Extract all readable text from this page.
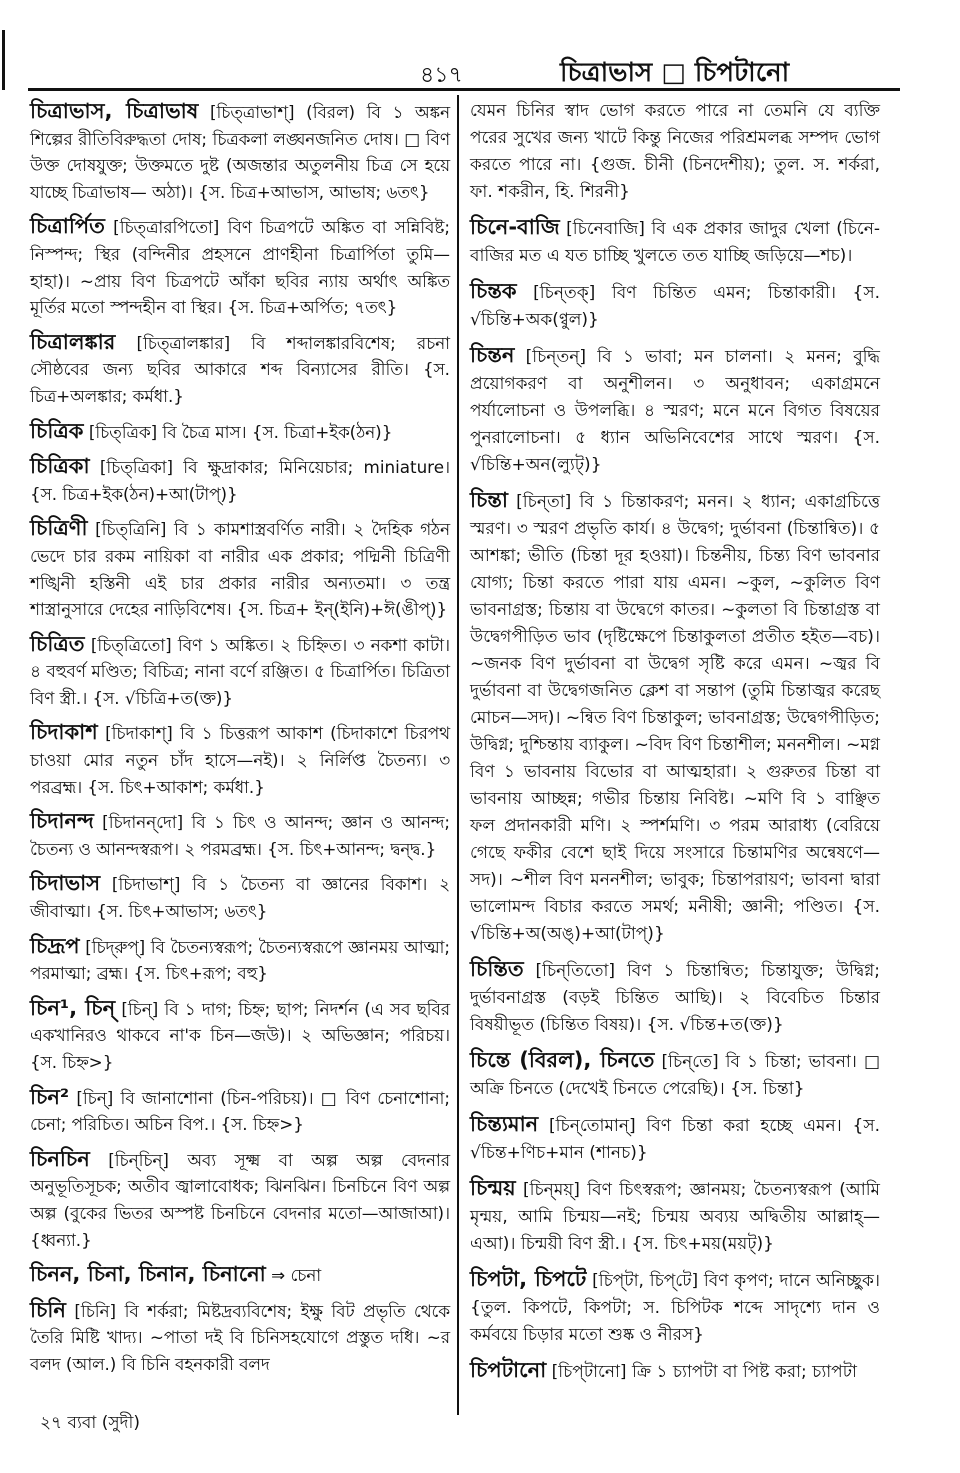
৪১৭	চিত্রাভাস □ চিপটানো

চিত্রাভাস, চিত্রাভাষ [চিত্‌ত্রাভাশ্] (বিরল) বি ১ অঙ্কন শিল্পের রীতিবিরুদ্ধতা দোষ; চিত্রকলা লঙ্ঘনজনিত দোষ। □ বিণ উক্ত দোষযুক্ত; উক্তমতে দুষ্ট (অজন্তার অতুলনীয় চিত্র সে হয়ে যাচ্ছে চিত্রাভাষ— অঠা)। {স. চিত্র+আভাস, আভাষ; ৬তৎ}

চিত্রার্পিত [চিত্‌ত্রারপিতো] বিণ চিত্রপটে অঙ্কিত বা সন্নিবিষ্ট; নিস্পন্দ; স্থির (বন্দিনীর প্রহসনে প্রাণহীনা চিত্রার্পিতা তুমি—হাহা)। ~প্রায় বিণ চিত্রপটে আঁকা ছবির ন্যায় অর্থাৎ অঙ্কিত মূর্তির মতো স্পন্দহীন বা স্থির। {স. চিত্র+অর্পিত; ৭তৎ}

চিত্রালঙ্কার [চিত্‌ত্রালঙ্কার] বি শব্দালঙ্কারবিশেষ; রচনা সৌষ্ঠবের জন্য ছবির আকারে শব্দ বিন্যাসের রীতি। {স. চিত্র+অলঙ্কার; কর্মধা.}

চিত্রিক [চিত্‌ত্রিক] বি চৈত্র মাস। {স. চিত্রা+ইক(ঠন)}

চিত্রিকা [চিত্‌ত্রিকা] বি ক্ষুদ্রাকার; মিনিয়েচার; miniature। {স. চিত্র+ইক(ঠন)+আ(টাপ্)}

চিত্রিণী [চিত্‌ত্রিনি] বি ১ কামশাস্ত্রবর্ণিত নারী। ২ দৈহিক গঠন ভেদে চার রকম নায়িকা বা নারীর এক প্রকার; পদ্মিনী চিত্রিণী শঙ্খিনী হস্তিনী এই চার প্রকার নারীর অন্যতমা। ৩ তন্ত্র শাস্ত্রানুসারে দেহের নাড়িবিশেষ। {স. চিত্র+ ইন্(ইনি)+ঈ(ঙীপ্)}

চিত্রিত [চিত্‌ত্রিতো] বিণ ১ অঙ্কিত। ২ চিহ্নিত। ৩ নকশা কাটা। ৪ বহুবর্ণ মণ্ডিত; বিচিত্র; নানা বর্ণে রঞ্জিত। ৫ চিত্রার্পিত। চিত্রিতা বিণ স্ত্রী.। {স. √চিত্রি+ত(ক্ত)}

চিদাকাশ [চিদাকাশ্] বি ১ চিত্তরূপ আকাশ (চিদাকাশে চিরপথ চাওয়া মোর নতুন চাঁদ হাসে—নই)। ২ নির্লিপ্ত চৈতন্য। ৩ পরব্রহ্ম। {স. চিৎ+আকাশ; কর্মধা.}

চিদানন্দ [চিদানন্‌দো] বি ১ চিৎ ও আনন্দ; জ্ঞান ও আনন্দ; চৈতন্য ও আনন্দস্বরূপ। ২ পরমব্রহ্ম। {স. চিৎ+আনন্দ; দ্বন্দ্ব.}

চিদাভাস [চিদাভাশ্] বি ১ চৈতন্য বা জ্ঞানের বিকাশ। ২ জীবাত্মা। {স. চিৎ+আভাস; ৬তৎ}

চিদ্রূপ [চিদ্‌রুপ্] বি চৈতন্যস্বরূপ; চৈতন্যস্বরূপে জ্ঞানময় আত্মা; পরমাত্মা; ব্রহ্ম। {স. চিৎ+রূপ; বহু}

চিন¹, চিন্ [চিন্] বি ১ দাগ; চিহ্ন; ছাপ; নিদর্শন (এ সব ছবির একখানিরও থাকবে না'ক চিন—জউ)। ২ অভিজ্ঞান; পরিচয়। {স. চিহ্ন>}

চিন² [চিন্] বি জানাশোনা (চিন-পরিচয়)। □ বিণ চেনাশোনা; চেনা; পরিচিত। অচিন বিপ.। {স. চিহ্ন>}

চিনচিন [চিন্‌চিন্] অব্য সূক্ষ্ম বা অল্প অল্প বেদনার অনুভূতিসূচক; অতীব জ্বালাবোধক; ঝিনঝিন। চিনচিনে বিণ অল্প অল্প (বুকের ভিতর অস্পষ্ট চিনচিনে বেদনার মতো—আজাআ)। {ধ্বন্যা.}

চিনন, চিনা, চিনান, চিনানো ⇒ চেনা

চিনি [চিনি] বি শর্করা; মিষ্টদ্রব্যবিশেষ; ইক্ষু বিট প্রভৃতি থেকে তৈরি মিষ্টি খাদ্য। ~পাতা দই বি চিনিসহযোগে প্রস্তুত দধি। ~র বলদ (আল.) বি চিনি বহনকারী বলদ

যেমন চিনির স্বাদ ভোগ করতে পারে না তেমনি যে ব্যক্তি পরের সুখের জন্য খাটে কিন্তু নিজের পরিশ্রমলব্ধ সম্পদ ভোগ করতে পারে না। {গুজ. চীনী (চিনদেশীয়); তুল. স. শর্করা, ফা. শকরীন, হি. শিরনী}

চিনে-বাজি [চিনেবাজি] বি এক প্রকার জাদুর খেলা (চিনে-বাজির মত এ যত চাচ্ছি খুলতে তত যাচ্ছি জড়িয়ে—শচ)।

চিন্তক [চিন্‌তক্] বিণ চিন্তিত এমন; চিন্তাকারী। {স. √চিন্তি+অক(ণ্বুল)}

চিন্তন [চিন্‌তন্] বি ১ ভাবা; মন চালনা। ২ মনন; বুদ্ধি প্রয়োগকরণ বা অনুশীলন। ৩ অনুধাবন; একাগ্রমনে পর্যালোচনা ও উপলব্ধি। ৪ স্মরণ; মনে মনে বিগত বিষয়ের পুনরালোচনা। ৫ ধ্যান অভিনিবেশের সাথে স্মরণ। {স. √চিন্তি+অন(ল্যুট্)}

চিন্তা [চিন্‌তা] বি ১ চিন্তাকরণ; মনন। ২ ধ্যান; একাগ্রচিত্তে স্মরণ। ৩ স্মরণ প্রভৃতি কার্য। ৪ উদ্বেগ; দুর্ভাবনা (চিন্তান্বিত)। ৫ আশঙ্কা; ভীতি (চিন্তা দূর হওয়া)। চিন্তনীয়, চিন্ত্য বিণ ভাবনার যোগ্য; চিন্তা করতে পারা যায় এমন। ~কুল, ~কুলিত বিণ ভাবনাগ্রস্ত; চিন্তায় বা উদ্বেগে কাতর। ~কুলতা বি চিন্তাগ্রস্ত বা উদ্বেগপীড়িত ভাব (দৃষ্টিক্ষেপে চিন্তাকুলতা প্রতীত হইত—বচ)। ~জনক বিণ দুর্ভাবনা বা উদ্বেগ সৃষ্টি করে এমন। ~জ্বর বি দুর্ভাবনা বা উদ্বেগজনিত ক্লেশ বা সন্তাপ (তুমি চিন্তাজ্বর করেছ মোচন—সদ)। ~ন্বিত বিণ চিন্তাকুল; ভাবনাগ্রস্ত; উদ্বেগপীড়িত; উদ্বিগ্ন; দুশ্চিন্তায় ব্যাকুল। ~বিদ বিণ চিন্তাশীল; মননশীল। ~মগ্ন বিণ ১ ভাবনায় বিভোর বা আত্মহারা। ২ গুরুতর চিন্তা বা ভাবনায় আচ্ছন্ন; গভীর চিন্তায় নিবিষ্ট। ~মণি বি ১ বাঞ্ছিত ফল প্রদানকারী মণি। ২ স্পর্শমণি। ৩ পরম আরাধ্য (বেরিয়ে গেছে ফকীর বেশে ছাই দিয়ে সংসারে চিন্তামণির অন্বেষণে—সদ)। ~শীল বিণ মননশীল; ভাবুক; চিন্তাপরায়ণ; ভাবনা দ্বারা ভালোমন্দ বিচার করতে সমর্থ; মনীষী; জ্ঞানী; পণ্ডিত। {স. √চিন্তি+অ(অঙ্)+আ(টাপ্)}

চিন্তিত [চিন্‌তিতো] বিণ ১ চিন্তান্বিত; চিন্তাযুক্ত; উদ্বিগ্ন; দুর্ভাবনাগ্রস্ত (বড়ই চিন্তিত আছি)। ২ বিবেচিত চিন্তার বিষয়ীভূত (চিন্তিত বিষয়)। {স. √চিন্ত+ত(ক্ত)}

চিন্তে (বিরল), চিনতে [চিন্‌তে] বি ১ চিন্তা; ভাবনা। □ অক্রি চিনতে (দেখেই চিনতে পেরেছি)। {স. চিন্তা}

চিন্ত্যমান [চিন্‌তোমান্] বিণ চিন্তা করা হচ্ছে এমন। {স. √চিন্ত+ণিচ+মান (শানচ)}

চিন্ময় [চিন্‌ময়্] বিণ চিৎস্বরূপ; জ্ঞানময়; চৈতন্যস্বরূপ (আমি মৃন্ময়, আমি চিন্ময়—নই; চিন্ময় অব্যয় অদ্বিতীয় আল্লাহ্—এআ)। চিন্ময়ী বিণ স্ত্রী.। {স. চিৎ+ময়(ময়ট্)}

চিপটা, চিপটে [চিপ্‌টা, চিপ্‌টে] বিণ কৃপণ; দানে অনিচ্ছুক। {তুল. কিপটে, কিপটা; স. চিপিটক শব্দে সাদৃশ্যে দান ও কর্মবয়ে চিড়ার মতো শুষ্ক ও নীরস}

চিপটানো [চিপ্‌টানো] ক্রি ১ চ্যাপটা বা পিষ্ট করা; চ্যাপটা

২৭ ব্যবা (সুদী)
